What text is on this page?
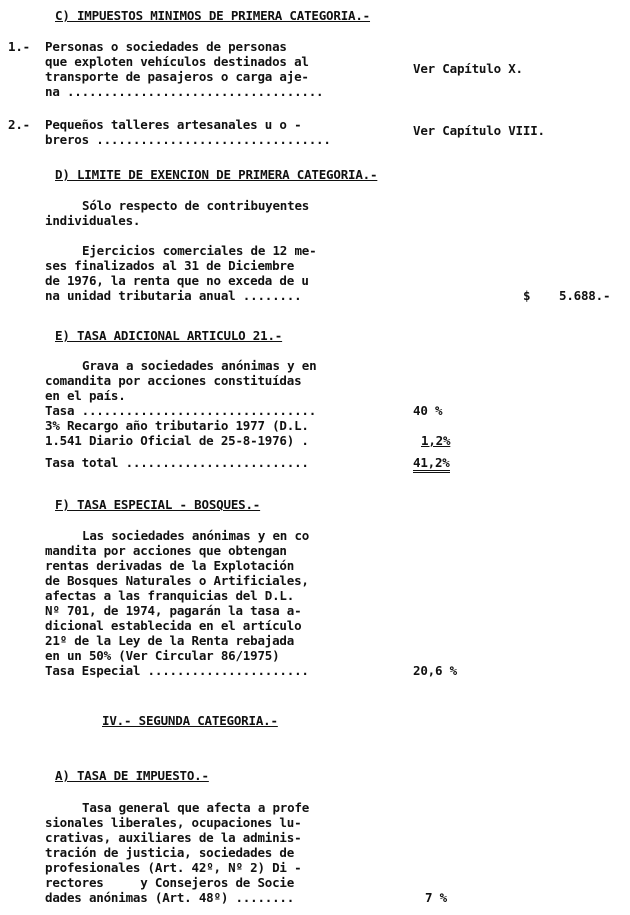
C) IMPUESTOS MINIMOS DE PRIMERA CATEGORIA.-
1.- Personas o sociedades de personas
que exploten vehículos destinados al
transporte de pasajeros o carga aje-
na ...................................
Ver Capítulo X.
2.- Pequeños talleres artesanales u o -
breros ................................
Ver Capítulo VIII.
D) LIMITE DE EXENCION DE PRIMERA CATEGORIA.-
Sólo respecto de contribuyentes
individuales.
Ejercicios comerciales de 12 me-
ses finalizados al 31 de Diciembre
de 1976, la renta que no exceda de u
na unidad tributaria anual ........	$ 5.688.-
E) TASA ADICIONAL ARTICULO 21.-
Grava a sociedades anónimas y en
comandita por acciones constituídas
en el país.
Tasa ................................	40 %
3% Recargo año tributario 1977 (D.L.
1.541 Diario Oficial de 25-8-1976) .	1,2%
Tasa total .........................	41,2%
F) TASA ESPECIAL - BOSQUES.-
Las sociedades anónimas y en co
mandita por acciones que obtengan
rentas derivadas de la Explotación
de Bosques Naturales o Artificiales,
afectas a las franquicias del D.L.
Nº 701, de 1974, pagarán la tasa a-
dicional establecida en el artículo
21º de la Ley de la Renta rebajada
en un 50% (Ver Circular 86/1975)
Tasa Especial ......................	20,6 %
IV.- SEGUNDA CATEGORIA.-
A) TASA DE IMPUESTO.-
Tasa general que afecta a profe
sionales liberales, ocupaciones lu-
crativas, auxiliares de la adminis-
tración de justicia, sociedades de
profesionales (Art. 42º, Nº 2) Di -
rectores     y Consejeros de Socie
dades anónimas (Art. 48º) ........	7 %
